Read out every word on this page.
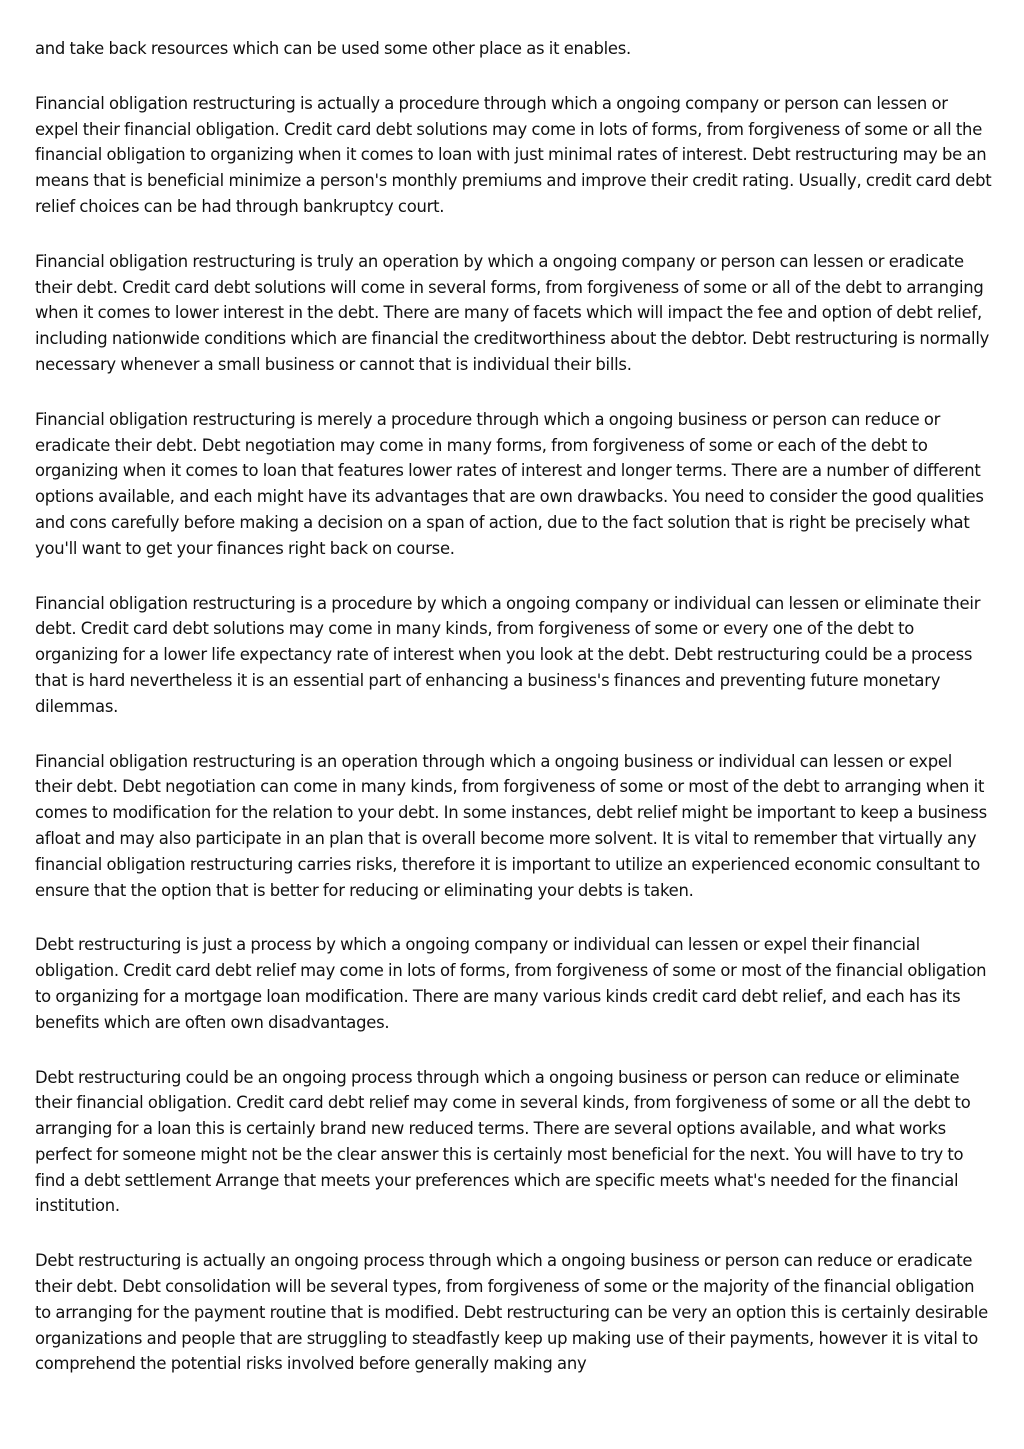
and take back resources which can be used some other place as it enables.

Financial obligation restructuring is actually a procedure through which a ongoing company or person can lessen or expel their financial obligation. Credit card debt solutions may come in lots of forms, from forgiveness of some or all the financial obligation to organizing when it comes to loan with just minimal rates of interest. Debt restructuring may be an means that is beneficial minimize a person's monthly premiums and improve their credit rating. Usually, credit card debt relief choices can be had through bankruptcy court.

Financial obligation restructuring is truly an operation by which a ongoing company or person can lessen or eradicate their debt. Credit card debt solutions will come in several forms, from forgiveness of some or all of the debt to arranging when it comes to lower interest in the debt. There are many of facets which will impact the fee and option of debt relief, including nationwide conditions which are financial the creditworthiness about the debtor. Debt restructuring is normally necessary whenever a small business or cannot that is individual their bills.

Financial obligation restructuring is merely a procedure through which a ongoing business or person can reduce or eradicate their debt. Debt negotiation may come in many forms, from forgiveness of some or each of the debt to organizing when it comes to loan that features lower rates of interest and longer terms. There are a number of different options available, and each might have its advantages that are own drawbacks. You need to consider the good qualities and cons carefully before making a decision on a span of action, due to the fact solution that is right be precisely what you'll want to get your finances right back on course.

Financial obligation restructuring is a procedure by which a ongoing company or individual can lessen or eliminate their debt. Credit card debt solutions may come in many kinds, from forgiveness of some or every one of the debt to organizing for a lower life expectancy rate of interest when you look at the debt. Debt restructuring could be a process that is hard nevertheless it is an essential part of enhancing a business's finances and preventing future monetary dilemmas.

Financial obligation restructuring is an operation through which a ongoing business or individual can lessen or expel their debt. Debt negotiation can come in many kinds, from forgiveness of some or most of the debt to arranging when it comes to modification for the relation to your debt. In some instances, debt relief might be important to keep a business afloat and may also participate in an plan that is overall become more solvent. It is vital to remember that virtually any financial obligation restructuring carries risks, therefore it is important to utilize an experienced economic consultant to ensure that the option that is better for reducing or eliminating your debts is taken.

Debt restructuring is just a process by which a ongoing company or individual can lessen or expel their financial obligation. Credit card debt relief may come in lots of forms, from forgiveness of some or most of the financial obligation to organizing for a mortgage loan modification. There are many various kinds credit card debt relief, and each has its benefits which are often own disadvantages.

Debt restructuring could be an ongoing process through which a ongoing business or person can reduce or eliminate their financial obligation. Credit card debt relief may come in several kinds, from forgiveness of some or all the debt to arranging for a loan this is certainly brand new reduced terms. There are several options available, and what works perfect for someone might not be the clear answer this is certainly most beneficial for the next. You will have to try to find a debt settlement Arrange that meets your preferences which are specific meets what's needed for the financial institution.

Debt restructuring is actually an ongoing process through which a ongoing business or person can reduce or eradicate their debt. Debt consolidation will be several types, from forgiveness of some or the majority of the financial obligation to arranging for the payment routine that is modified. Debt restructuring can be very an option this is certainly desirable organizations and people that are struggling to steadfastly keep up making use of their payments, however it is vital to comprehend the potential risks involved before generally making any
